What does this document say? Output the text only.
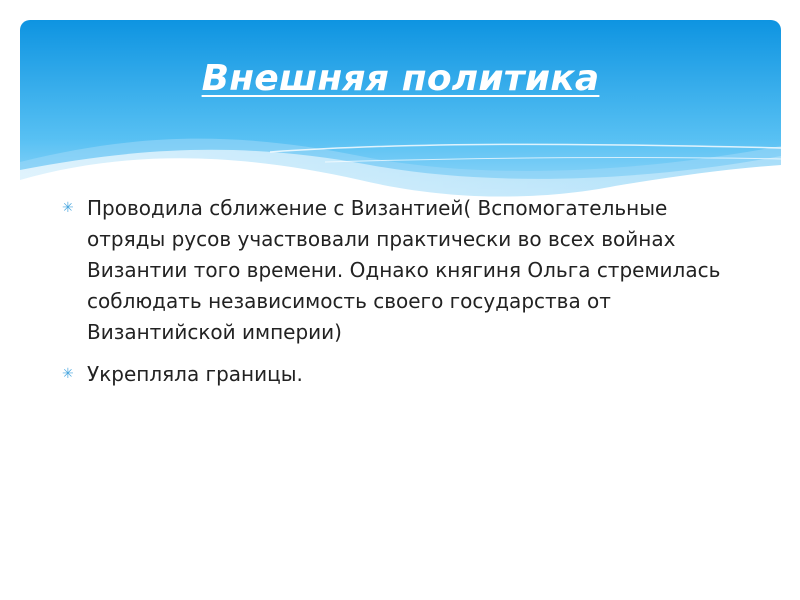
Внешняя политика
✳ Проводила сближение с Византией( Вспомогательные отряды русов участвовали практически во всех войнах Византии того времени. Однако княгиня Ольга стремилась соблюдать независимость своего государства от Византийской империи)
✳ Укрепляла границы.
